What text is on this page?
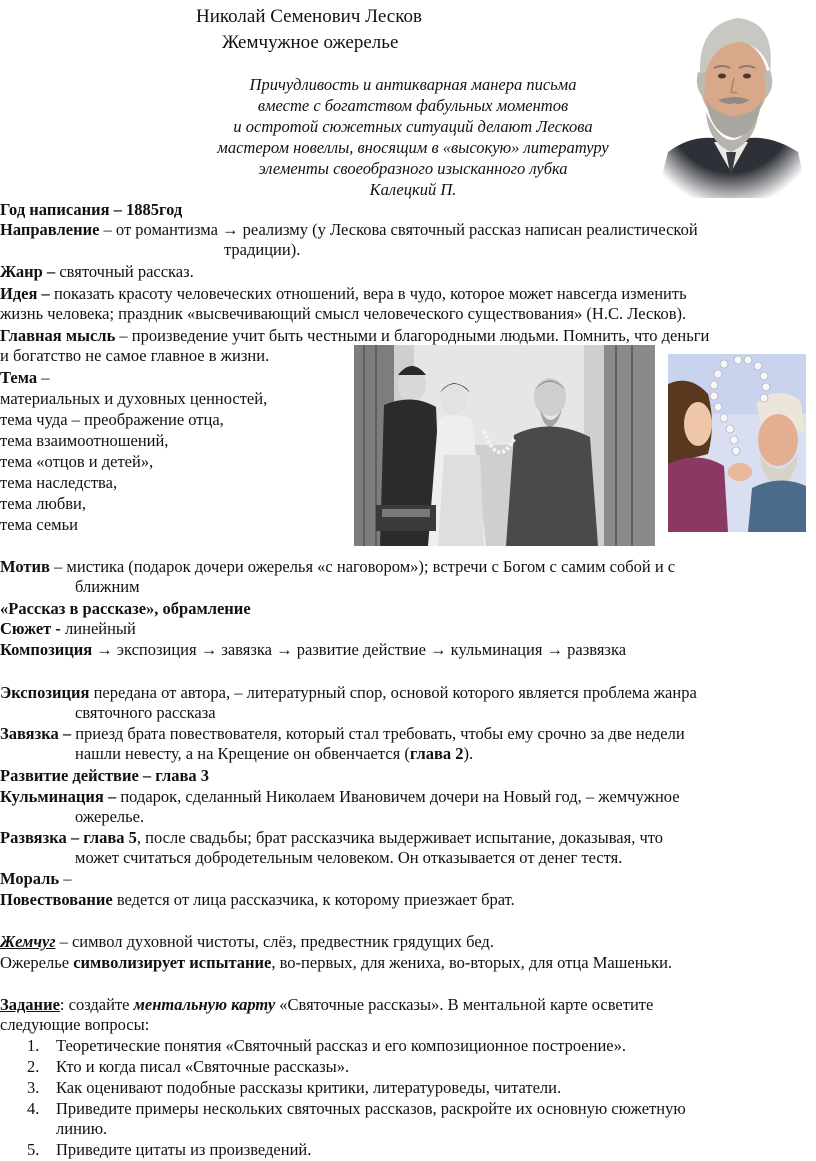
Николай Семенович Лесков
Жемчужное ожерелье
Причудливость и антикварная манера письма
вместе с богатством фабульных моментов
и остротой сюжетных ситуаций делают Лескова
мастером новеллы, вносящим в «высокую» литературу
элементы своеобразного изысканного лубка
Калецкий П.
Год написания – 1885год
Направление – от романтизма → реализму (у Лескова святочный рассказ написан реалистической
традиции).
Жанр – святочный рассказ.
Идея – показать красоту человеческих отношений, вера в чудо, которое может навсегда изменить
жизнь человека; праздник «высвечивающий смысл человеческого существования» (Н.С. Лесков).
Главная мысль – произведение учит быть честными и благородными людьми. Помнить, что деньги
и богатство не самое главное в жизни.
Тема –
материальных и духовных ценностей,
тема чуда – преображение отца,
тема взаимоотношений,
тема «отцов и детей»,
тема наследства,
тема любви,
тема семьи
Мотив – мистика (подарок дочери ожерелья «с наговором»); встречи с Богом с самим собой и с
ближним
«Рассказ в рассказе», обрамление
Сюжет - линейный
Композиция → экспозиция → завязка → развитие действие → кульминация → развязка
Экспозиция передана от автора, – литературный спор, основой которого является проблема жанра
святочного рассказа
Завязка – приезд брата повествователя, который стал требовать, чтобы ему срочно за две недели
нашли невесту, а на Крещение он обвенчается (глава 2).
Развитие действие – глава 3
Кульминация – подарок, сделанный Николаем Ивановичем дочери на Новый год, – жемчужное
ожерелье.
Развязка – глава 5, после свадьбы; брат рассказчика выдерживает испытание, доказывая, что
может считаться добродетельным человеком. Он отказывается от денег тестя.
Мораль –
Повествование ведется от лица рассказчика, к которому приезжает брат.
Жемчуг – символ духовной чистоты, слёз, предвестник грядущих бед.
Ожерелье символизирует испытание, во-первых, для жениха, во-вторых, для отца Машеньки.
Задание: создайте ментальную карту «Святочные рассказы». В ментальной карте осветите
следующие вопросы:
1. Теоретические понятия «Святочный рассказ и его композиционное построение».
2. Кто и когда писал «Святочные рассказы».
3. Как оценивают подобные рассказы критики, литературоведы, читатели.
4. Приведите примеры нескольких святочных рассказов, раскройте их основную сюжетную
линию.
5. Приведите цитаты из произведений.
